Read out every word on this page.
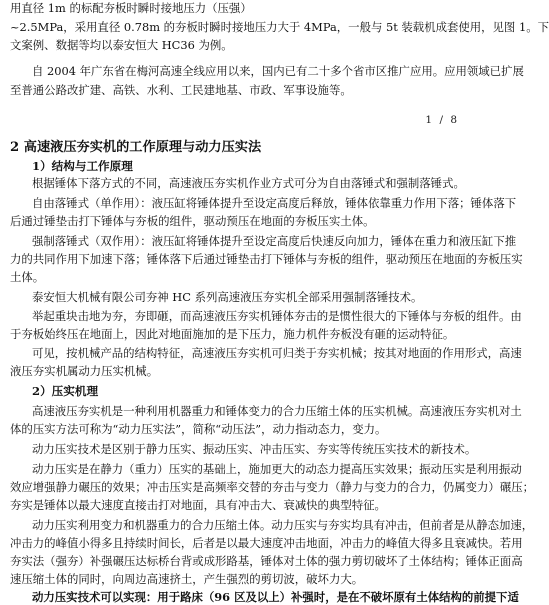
用直径 1m 的标配夯板时瞬时接地压力（压强）
~2.5MPa，采用直径 0.78m 的夯板时瞬时接地压力大于 4MPa，一般与 5t 装载机成套使用，见图 1。下
文案例、数据等均以泰安恒大 HC36 为例。
自 2004 年广东省在梅河高速全线应用以来，国内已有二十多个省市区推广应用。应用领域已扩展
至普通公路改扩建、高铁、水利、工民建地基、市政、军事设施等。
1 / 8
2 高速液压夯实机的工作原理与动力压实法
1）结构与工作原理
根据锤体下落方式的不同，高速液压夯实机作业方式可分为自由落锤式和强制落锤式。
自由落锤式（单作用）：液压缸将锤体提升至设定高度后释放，锤体依靠重力作用下落；锤体落下
后通过锤垫击打下锤体与夯板的组件，驱动预压在地面的夯板压实土体。
强制落锤式（双作用）：液压缸将锤体提升至设定高度后快速反向加力，锤体在重力和液压缸下推
力的共同作用下加速下落；锤体落下后通过锤垫击打下锤体与夯板的组件，驱动预压在地面的夯板压实
土体。
泰安恒大机械有限公司夯神 HC 系列高速液压夯实机全部采用强制落锤技术。
举起重块击地为夯，夯即砸，而高速液压夯实机锤体夯击的是惯性很大的下锤体与夯板的组件。由
于夯板始终压在地面上，因此对地面施加的是下压力，施力机件夯板没有砸的运动特征。
可见，按机械产品的结构特征，高速液压夯实机可归类于夯实机械；按其对地面的作用形式，高速
液压夯实机属动力压实机械。
2）压实机理
高速液压夯实机是一种利用机器重力和锤体变力的合力压缩土体的压实机械。高速液压夯实机对土
体的压实方法可称为“动力压实法”，简称“动压法”，动力指动态力，变力。
动力压实技术是区别于静力压实、振动压实、冲击压实、夯实等传统压实技术的新技术。
动力压实是在静力（重力）压实的基础上，施加更大的动态力提高压实效果；振动压实是利用振动
效应增强静力碾压的效果；冲击压实是高频率交替的夯击与变力（静力与变力的合力，仍属变力）碾压；
夯实是锤体以最大速度直接击打对地面，具有冲击大、衰减快的典型特征。
动力压实利用变力和机器重力的合力压缩土体。动力压实与夯实均具有冲击，但前者是从静态加速，
冲击力的峰值小得多且持续时间长，后者是以最大速度冲击地面，冲击力的峰值大得多且衰减快。若用
夯实法（强夯）补强碾压达标桥台背或成形路基，锤体对土体的强力剪切破坏了土体结构；锤体正面高
速压缩土体的同时，向周边高速挤土，产生强烈的剪切波，破坏力大。
动力压实技术可以实现：用于路床（96 区及以上）补强时，是在不破坏原有土体结构的前提下适
